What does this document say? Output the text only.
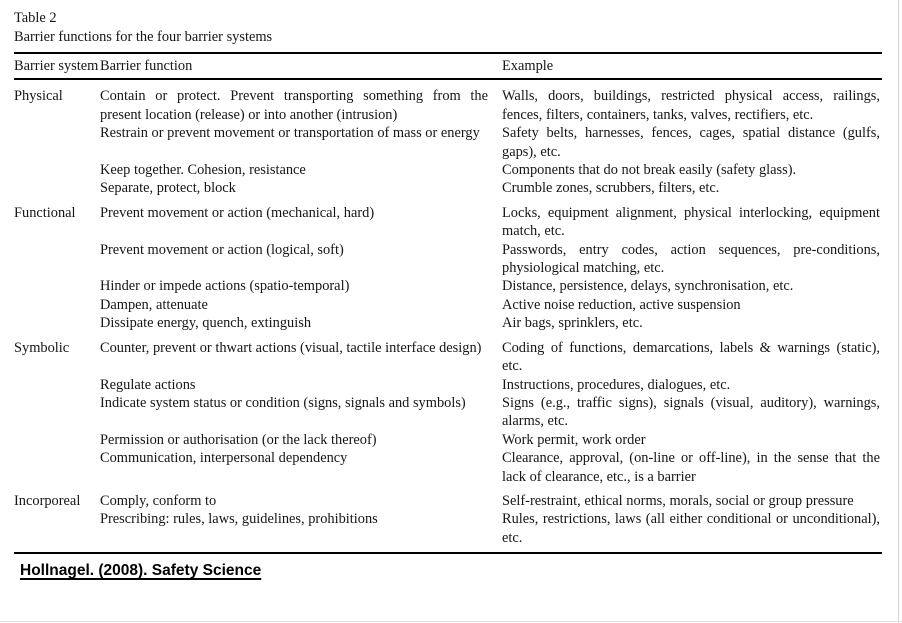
Table 2
Barrier functions for the four barrier systems
Barrier system	Barrier function	Example
Physical	Contain or protect. Prevent transporting something from the present location (release) or into another (intrusion)	Walls, doors, buildings, restricted physical access, railings, fences, filters, containers, tanks, valves, rectifiers, etc.
	Restrain or prevent movement or transportation of mass or energy	Safety belts, harnesses, fences, cages, spatial distance (gulfs, gaps), etc.
	Keep together. Cohesion, resistance	Components that do not break easily (safety glass).
	Separate, protect, block	Crumble zones, scrubbers, filters, etc.
Functional	Prevent movement or action (mechanical, hard)	Locks, equipment alignment, physical interlocking, equipment match, etc.
	Prevent movement or action (logical, soft)	Passwords, entry codes, action sequences, pre-conditions, physiological matching, etc.
	Hinder or impede actions (spatio-temporal)	Distance, persistence, delays, synchronisation, etc.
	Dampen, attenuate	Active noise reduction, active suspension
	Dissipate energy, quench, extinguish	Air bags, sprinklers, etc.
Symbolic	Counter, prevent or thwart actions (visual, tactile interface design)	Coding of functions, demarcations, labels & warnings (static), etc.
	Regulate actions	Instructions, procedures, dialogues, etc.
	Indicate system status or condition (signs, signals and symbols)	Signs (e.g., traffic signs), signals (visual, auditory), warnings, alarms, etc.
	Permission or authorisation (or the lack thereof)	Work permit, work order
	Communication, interpersonal dependency	Clearance, approval, (on-line or off-line), in the sense that the lack of clearance, etc., is a barrier
Incorporeal	Comply, conform to	Self-restraint, ethical norms, morals, social or group pressure
	Prescribing: rules, laws, guidelines, prohibitions	Rules, restrictions, laws (all either conditional or unconditional), etc.
Hollnagel. (2008). Safety Science
